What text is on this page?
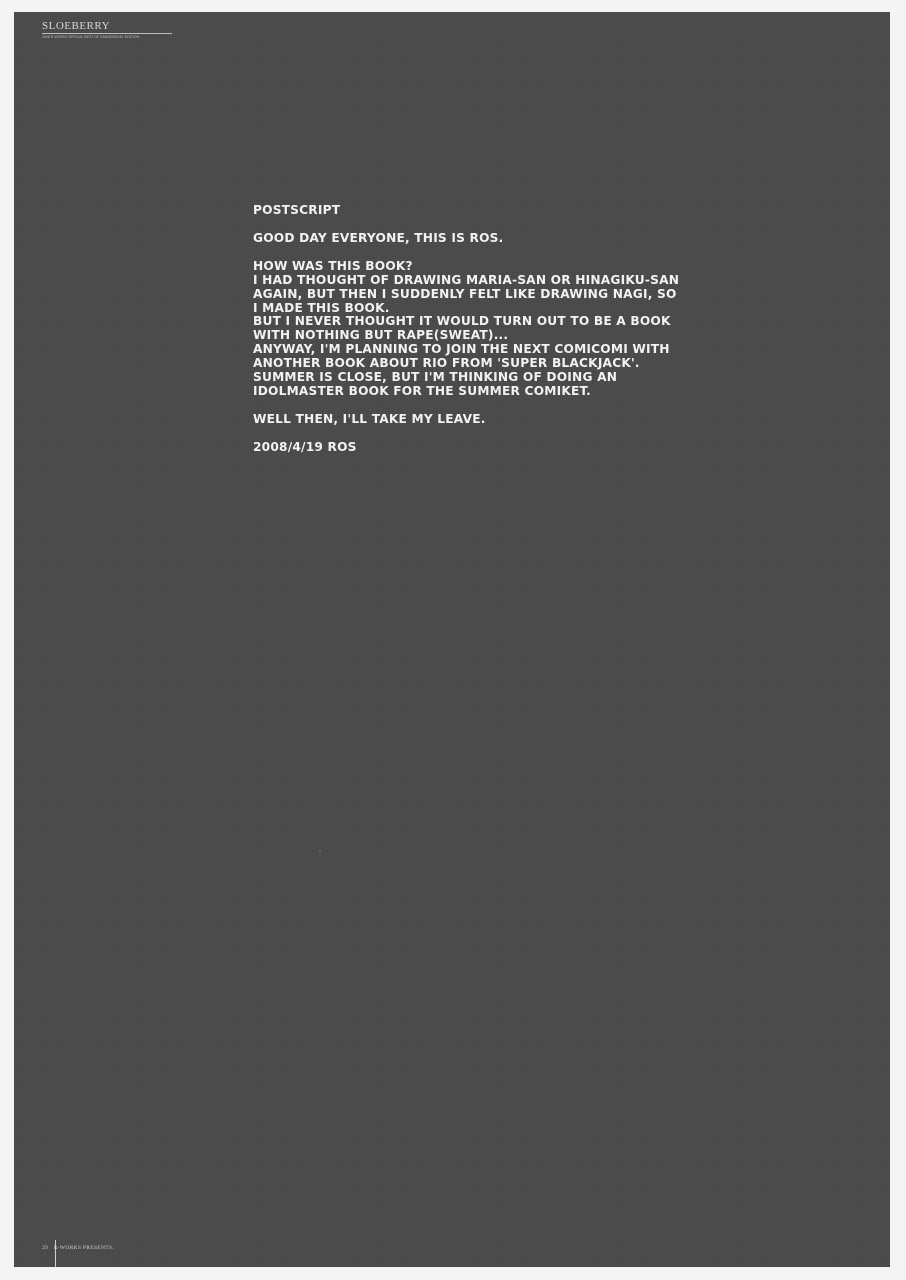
SLOEBERRY
2008 R-WORKS SPECIAL BEST OF SANSENOHEL EDITION

POSTSCRIPT

GOOD DAY EVERYONE, THIS IS ROS.

HOW WAS THIS BOOK?

I HAD THOUGHT OF DRAWING MARIA-SAN OR HINAGIKU-SAN

AGAIN, BUT THEN I SUDDENLY FELT LIKE DRAWING NAGI, SO

I MADE THIS BOOK.

BUT I NEVER THOUGHT IT WOULD TURN OUT TO BE A BOOK

WITH NOTHING BUT RAPE(SWEAT)...

ANYWAY, I'M PLANNING TO JOIN THE NEXT COMICOMI WITH

ANOTHER BOOK ABOUT RIO FROM 'SUPER BLACKJACK'.

SUMMER IS CLOSE, BUT I'M THINKING OF DOING AN

IDOLMASTER BOOK FOR THE SUMMER COMIKET.

WELL THEN, I'LL TAKE MY LEAVE.

2008/4/19 ROS

29 R-WORKS PRESENTS.
